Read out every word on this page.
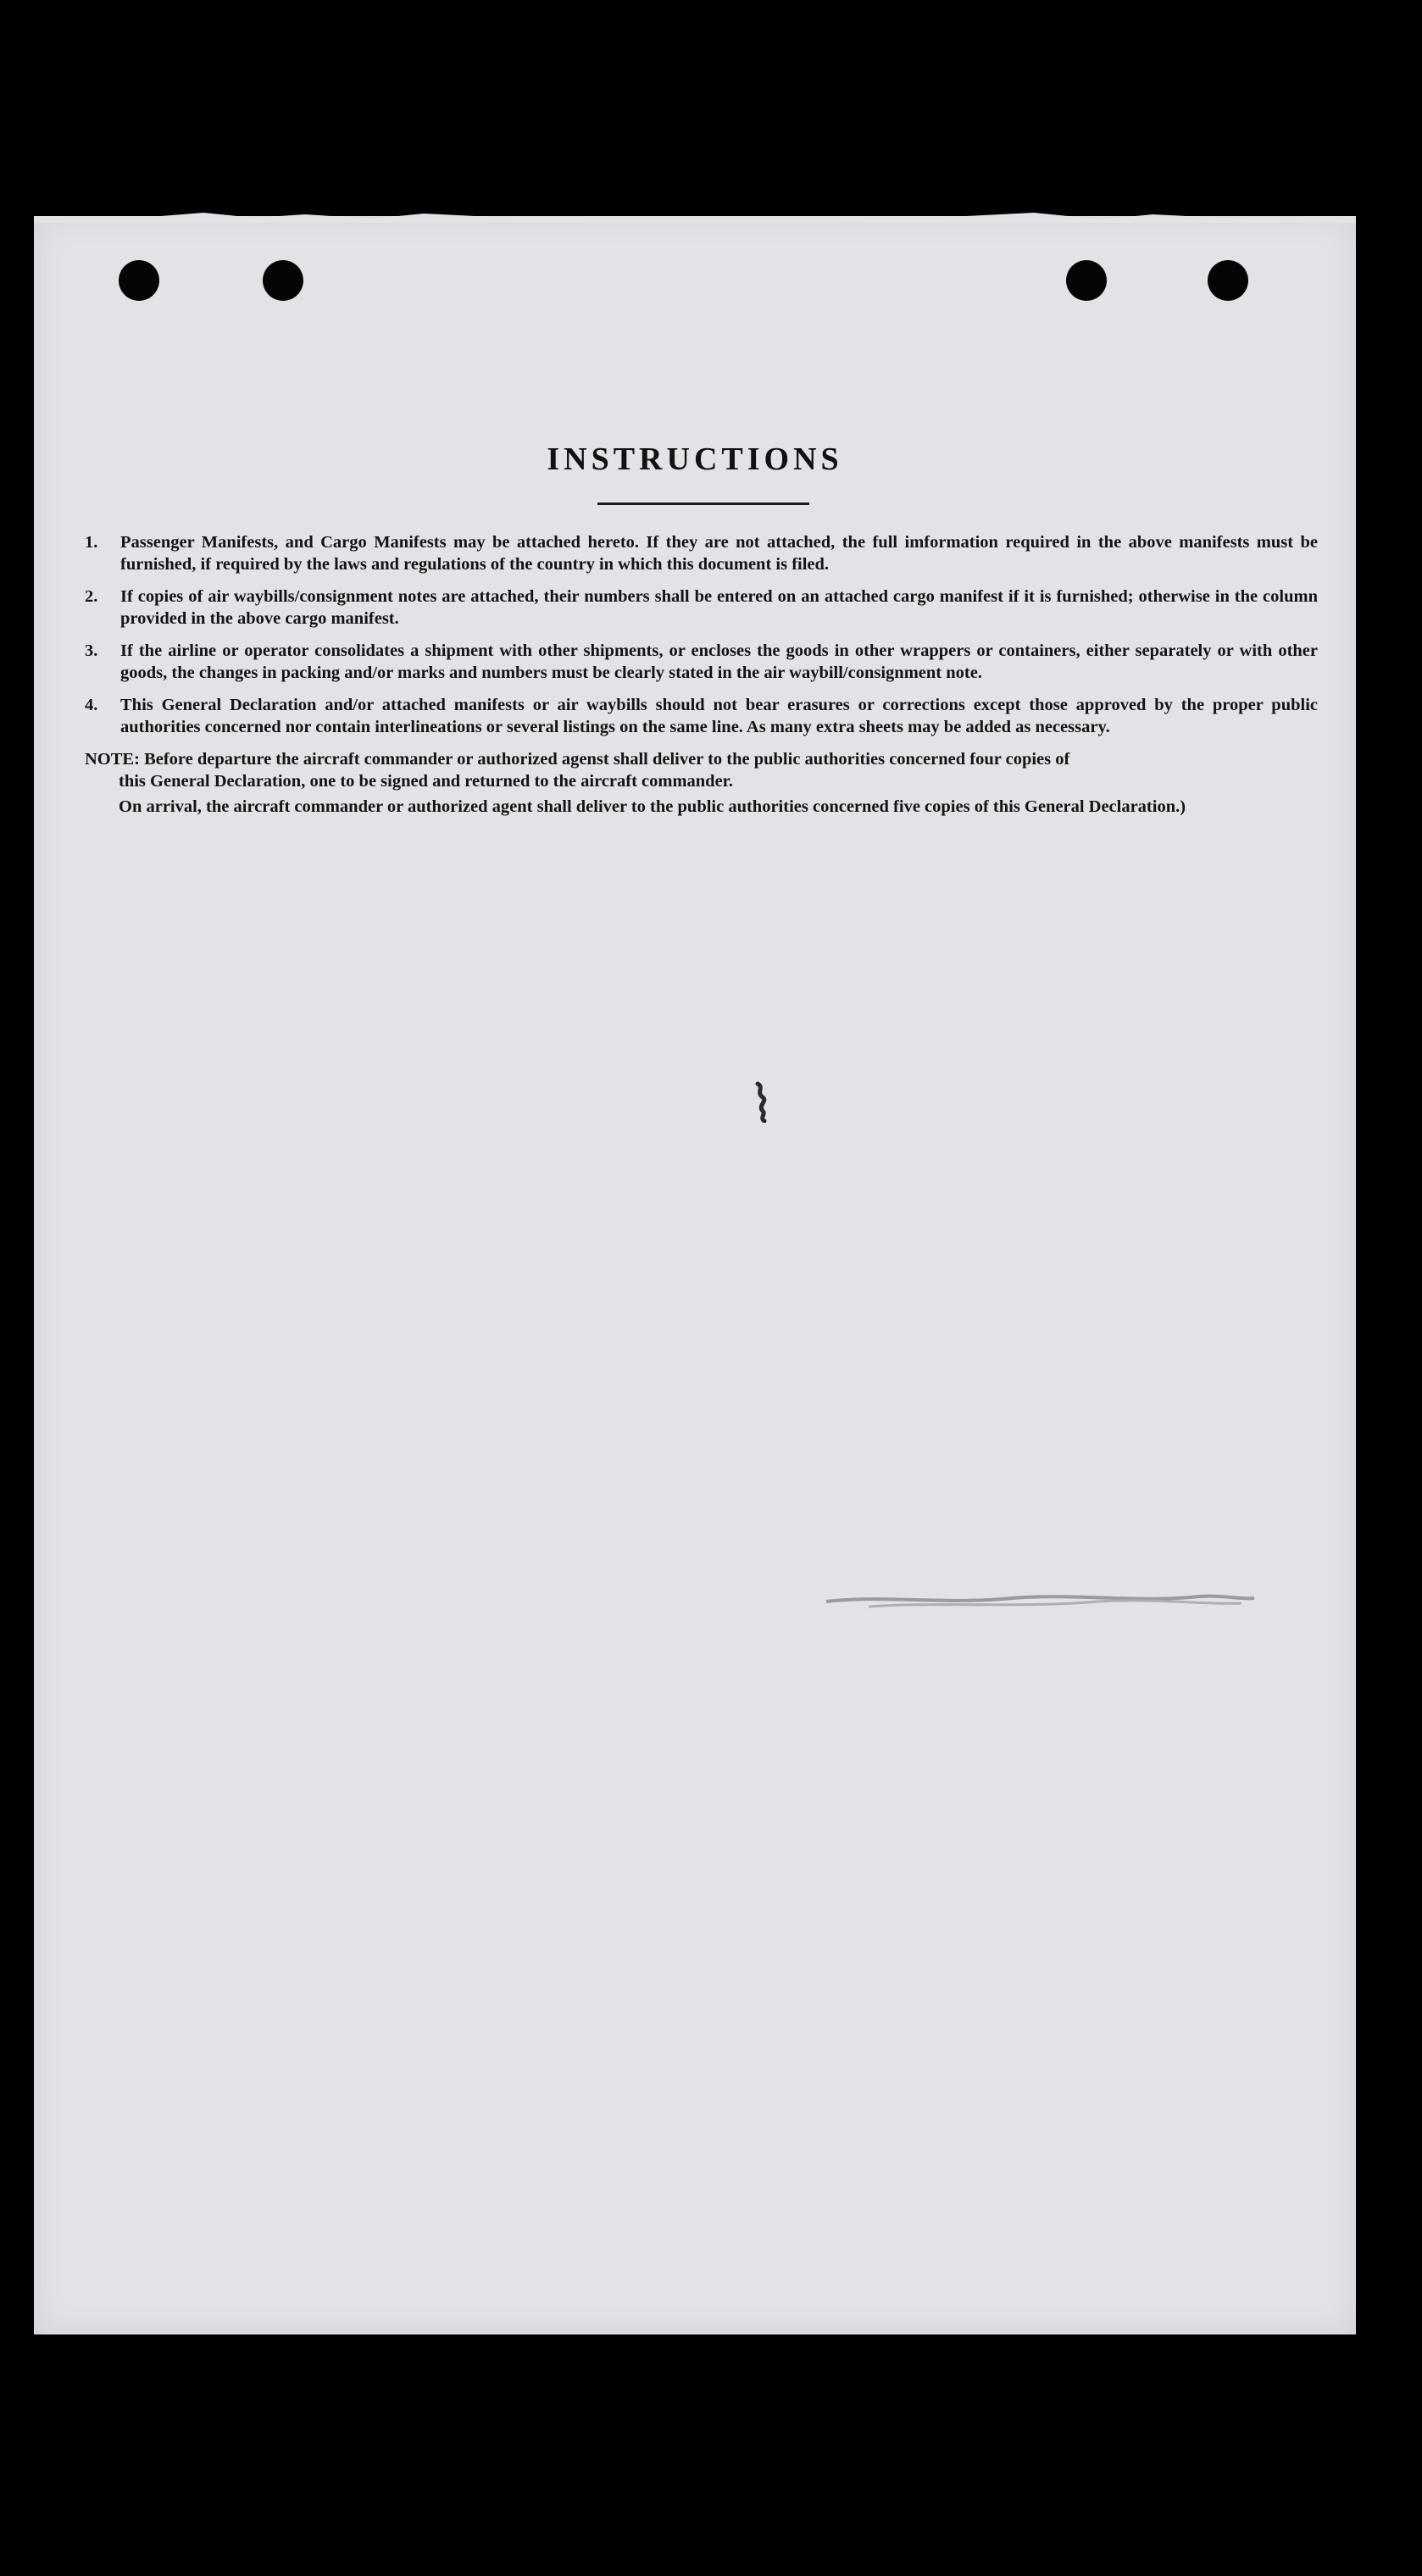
INSTRUCTIONS
1.	Passenger Manifests, and Cargo Manifests may be attached hereto. If they are not attached, the full imformation required in the above manifests must be furnished, if required by the laws and regulations of the country in which this document is filed.
2.	If copies of air waybills/consignment notes are attached, their numbers shall be entered on an attached cargo manifest if it is furnished; otherwise in the column provided in the above cargo manifest.
3.	If the airline or operator consolidates a shipment with other shipments, or encloses the goods in other wrappers or containers, either separately or with other goods, the changes in packing and/or marks and numbers must be clearly stated in the air waybill/consignment note.
4.	This General Declaration and/or attached manifests or air waybills should not bear erasures or corrections except those approved by the proper public authorities concerned nor contain interlineations or several listings on the same line. As many extra sheets may be added as necessary.
NOTE: Before departure the aircraft commander or authorized agenst shall deliver to the public authorities concerned four copies of
this General Declaration, one to be signed and returned to the aircraft commander.
On arrival, the aircraft commander or authorized agent shall deliver to the public authorities concerned five copies of this General Declaration.)
